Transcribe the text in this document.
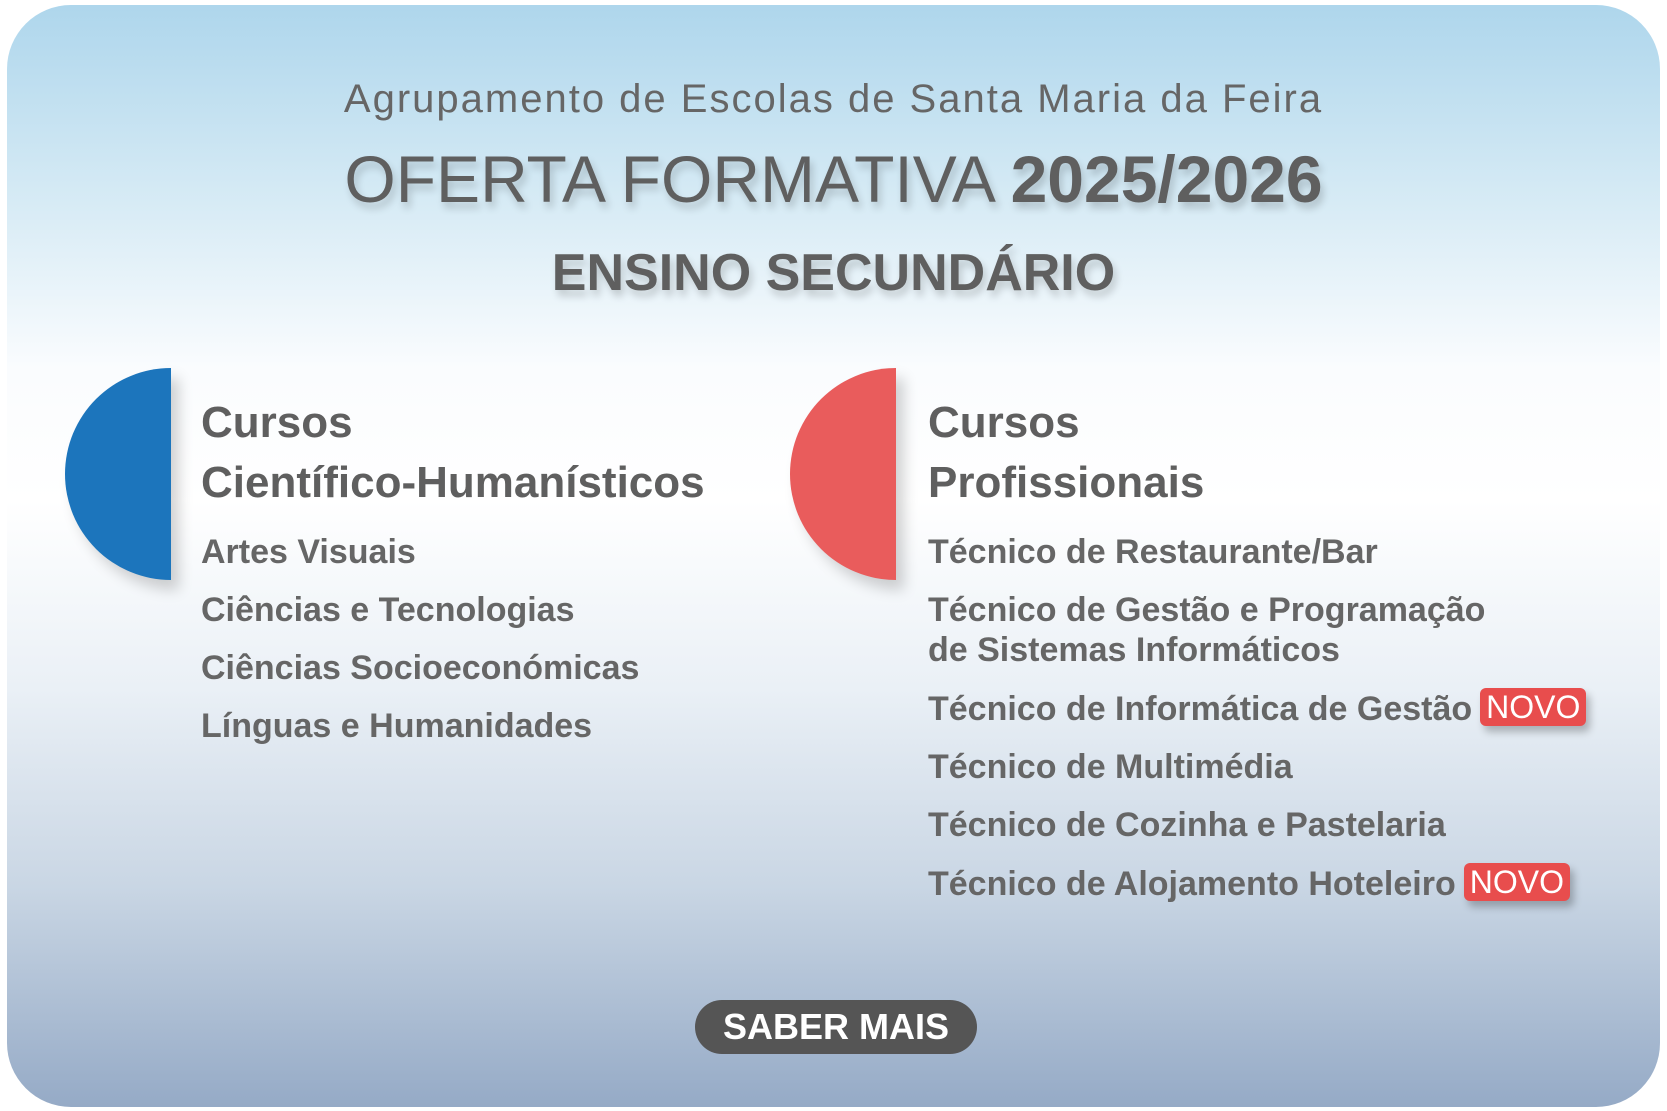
Agrupamento de Escolas de Santa Maria da Feira
OFERTA FORMATIVA 2025/2026
ENSINO SECUNDÁRIO
Cursos
Científico-Humanísticos
Artes Visuais
Ciências e Tecnologias
Ciências Socioeconómicas
Línguas e Humanidades
Cursos
Profissionais
Técnico de Restaurante/Bar
Técnico de Gestão e Programação
de Sistemas Informáticos
Técnico de Informática de Gestão NOVO
Técnico de Multimédia
Técnico de Cozinha e Pastelaria
Técnico de Alojamento Hoteleiro NOVO
SABER MAIS
